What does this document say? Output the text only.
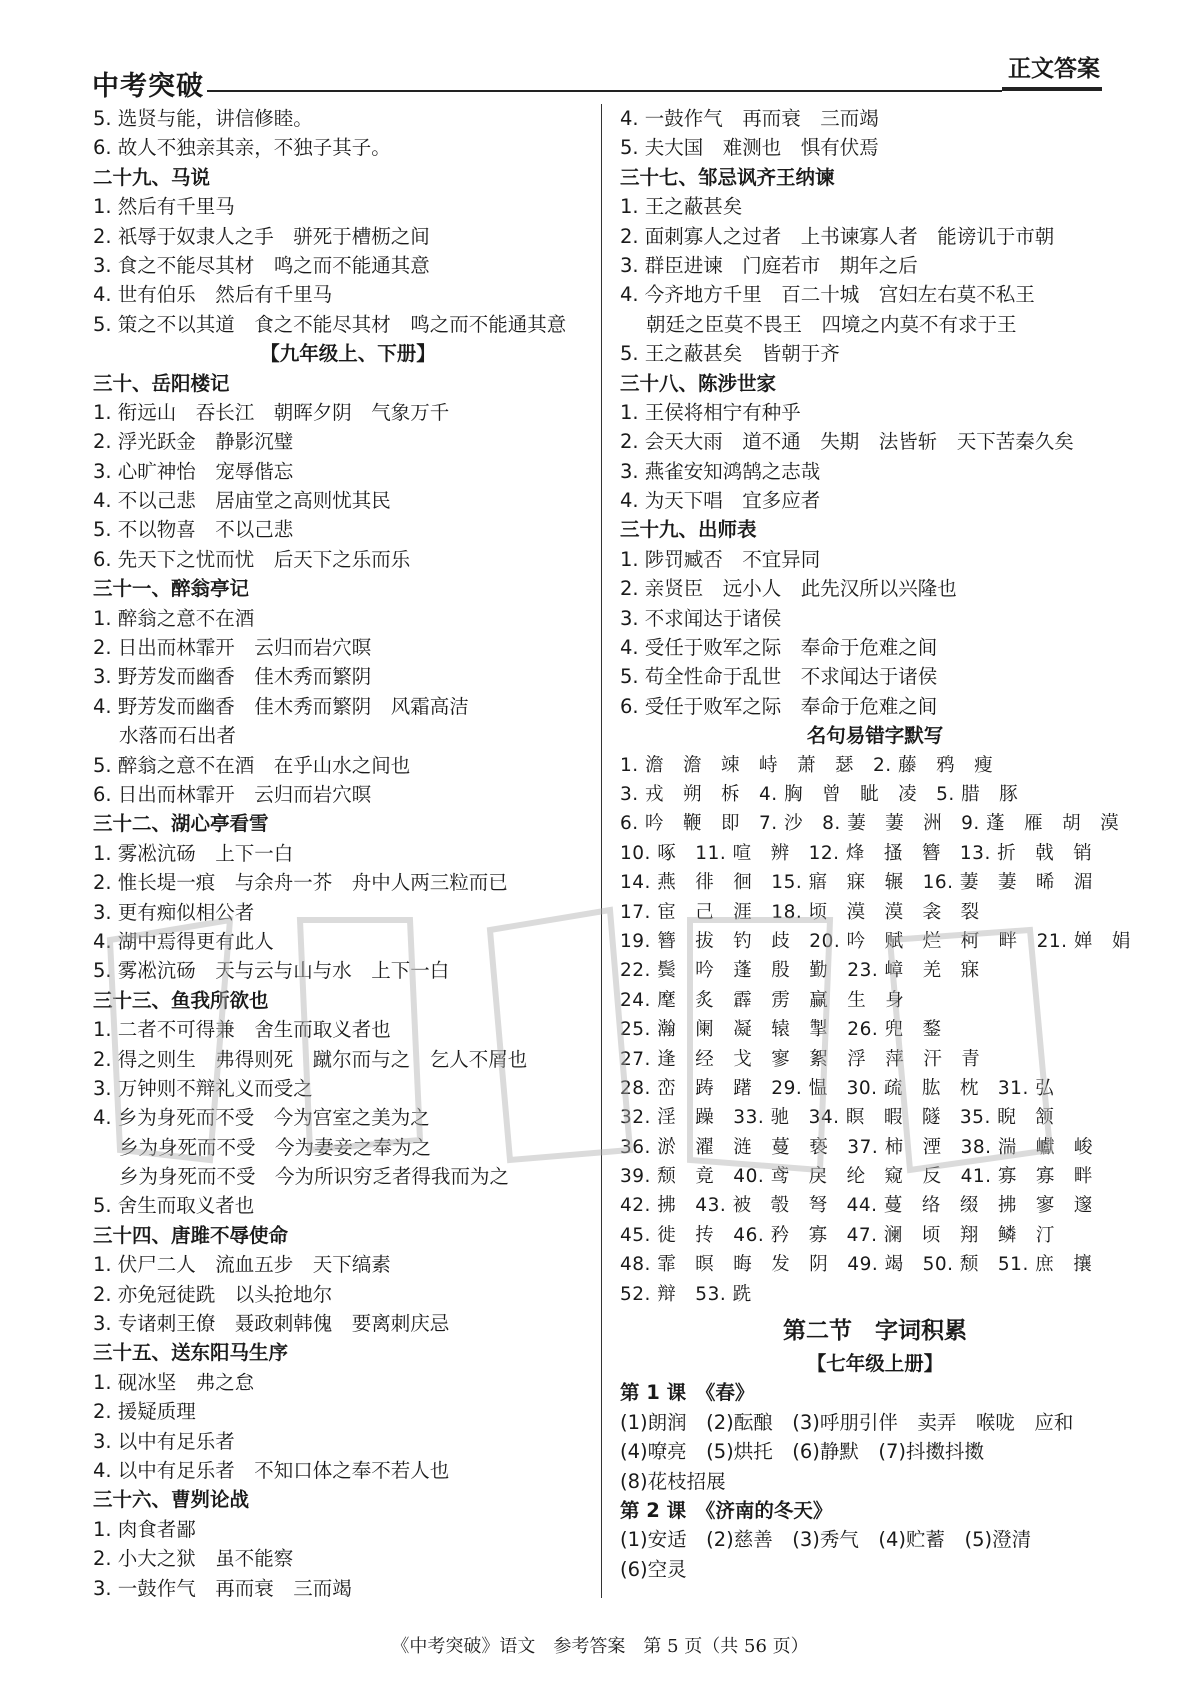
中考突破
正文答案
5. 选贤与能，讲信修睦。
6. 故人不独亲其亲，不独子其子。
二十九、马说
1. 然后有千里马
2. 祇辱于奴隶人之手　骈死于槽枥之间
3. 食之不能尽其材　鸣之而不能通其意
4. 世有伯乐　然后有千里马
5. 策之不以其道　食之不能尽其材　鸣之而不能通其意
【九年级上、下册】
三十、岳阳楼记
1. 衔远山　吞长江　朝晖夕阴　气象万千
2. 浮光跃金　静影沉璧
3. 心旷神怡　宠辱偕忘
4. 不以己悲　居庙堂之高则忧其民
5. 不以物喜　不以己悲
6. 先天下之忧而忧　后天下之乐而乐
三十一、醉翁亭记
1. 醉翁之意不在酒
2. 日出而林霏开　云归而岩穴暝
3. 野芳发而幽香　佳木秀而繁阴
4. 野芳发而幽香　佳木秀而繁阴　风霜高洁
水落而石出者
5. 醉翁之意不在酒　在乎山水之间也
6. 日出而林霏开　云归而岩穴暝
三十二、湖心亭看雪
1. 雾凇沆砀　上下一白
2. 惟长堤一痕　与余舟一芥　舟中人两三粒而已
3. 更有痴似相公者
4. 湖中焉得更有此人
5. 雾凇沆砀　天与云与山与水　上下一白
三十三、鱼我所欲也
1. 二者不可得兼　舍生而取义者也
2. 得之则生　弗得则死　蹴尔而与之　乞人不屑也
3. 万钟则不辩礼义而受之
4. 乡为身死而不受　今为宫室之美为之
乡为身死而不受　今为妻妾之奉为之
乡为身死而不受　今为所识穷乏者得我而为之
5. 舍生而取义者也
三十四、唐雎不辱使命
1. 伏尸二人　流血五步　天下缟素
2. 亦免冠徒跣　以头抢地尔
3. 专诸刺王僚　聂政刺韩傀　要离刺庆忌
三十五、送东阳马生序
1. 砚冰坚　弗之怠
2. 援疑质理
3. 以中有足乐者
4. 以中有足乐者　不知口体之奉不若人也
三十六、曹刿论战
1. 肉食者鄙
2. 小大之狱　虽不能察
3. 一鼓作气　再而衰　三而竭
4. 一鼓作气　再而衰　三而竭
5. 夫大国　难测也　惧有伏焉
三十七、邹忌讽齐王纳谏
1. 王之蔽甚矣
2. 面刺寡人之过者　上书谏寡人者　能谤讥于市朝
3. 群臣进谏　门庭若市　期年之后
4. 今齐地方千里　百二十城　宫妇左右莫不私王
朝廷之臣莫不畏王　四境之内莫不有求于王
5. 王之蔽甚矣　皆朝于齐
三十八、陈涉世家
1. 王侯将相宁有种乎
2. 会天大雨　道不通　失期　法皆斩　天下苦秦久矣
3. 燕雀安知鸿鹄之志哉
4. 为天下唱　宜多应者
三十九、出师表
1. 陟罚臧否　不宜异同
2. 亲贤臣　远小人　此先汉所以兴隆也
3. 不求闻达于诸侯
4. 受任于败军之际　奉命于危难之间
5. 苟全性命于乱世　不求闻达于诸侯
6. 受任于败军之际　奉命于危难之间
名句易错字默写
1. 澹　澹　竦　峙　萧　瑟　2. 藤　鸦　瘦
3. 戎　朔　柝　4. 胸　曾　眦　凌　5. 腊　豚
6. 吟　鞭　即　7. 沙　8. 萋　萋　洲　9. 蓬　雁　胡　漠
10. 啄　11. 喧　辨　12. 烽　搔　簪　13. 折　戟　销
14. 燕　徘　徊　15. 寤　寐　辗　16. 萋　萋　晞　湄
17. 宦　己　涯　18. 顷　漠　漠　衾　裂
19. 簪　拔　钓　歧　20. 吟　赋　烂　柯　畔　21. 婵　娟
22. 鬓　吟　蓬　殷　勤　23. 嶂　羌　寐
24. 麾　炙　霹　雳　赢　生　身
25. 瀚　阑　凝　辕　掣　26. 兜　鍪
27. 逢　经　戈　寥　絮　浮　萍　汗　青
28. 峦　踌　躇　29. 愠　30. 疏　肱　枕　31. 弘
32. 淫　躁　33. 驰　34. 瞑　暇　隧　35. 睨　颔
36. 淤　濯　涟　蔓　亵　37. 柿　湮　38. 湍　巘　峻
39. 颓　竟　40. 鸢　戾　纶　窥　反　41. 寡　寡　畔
42. 拂　43. 被　彀　弩　44. 蔓　络　缀　拂　寥　邃
45. 徙　抟　46. 矜　寡　47. 澜　顷　翔　鳞　汀
48. 霏　暝　晦　发　阴　49. 竭　50. 颓　51. 庶　攘
52. 辩　53. 跣
第二节　字词积累
【七年级上册】
第 1 课　《春》
(1)朗润　(2)酝酿　(3)呼朋引伴　卖弄　喉咙　应和
(4)嘹亮　(5)烘托　(6)静默　(7)抖擞抖擞
(8)花枝招展
第 2 课　《济南的冬天》
(1)安适　(2)慈善　(3)秀气　(4)贮蓄　(5)澄清
(6)空灵
《中考突破》语文　参考答案　第 5 页（共 56 页）
